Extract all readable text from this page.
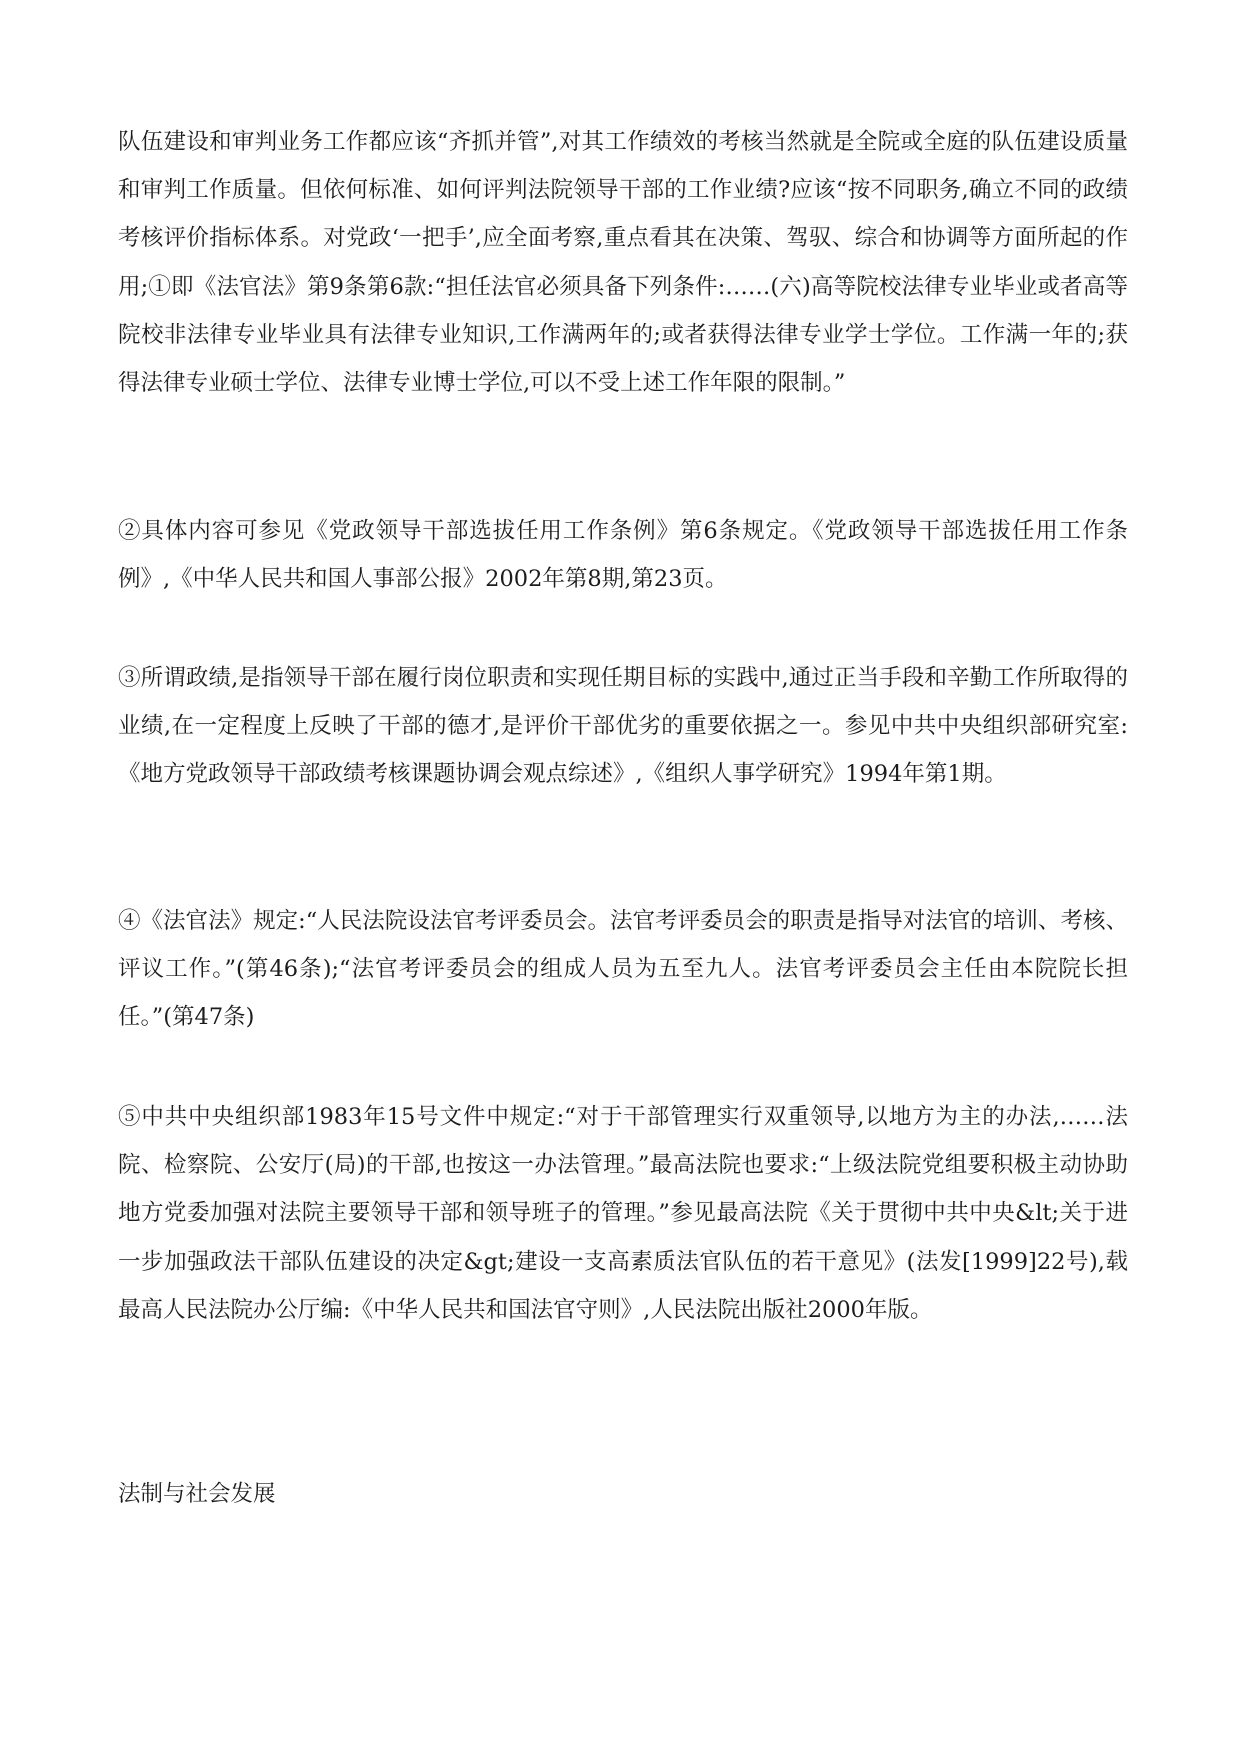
队伍建设和审判业务工作都应该“齐抓并管”,对其工作绩效的考核当然就是全院或全庭的队伍建设质量和审判工作质量。但依何标准、如何评判法院领导干部的工作业绩?应该“按不同职务,确立不同的政绩考核评价指标体系。对党政‘一把手’,应全面考察,重点看其在决策、驾驭、综合和协调等方面所起的作用;①即《法官法》第9条第6款:“担任法官必须具备下列条件:……(六)高等院校法律专业毕业或者高等院校非法律专业毕业具有法律专业知识,工作满两年的;或者获得法律专业学士学位。工作满一年的;获得法律专业硕士学位、法律专业博士学位,可以不受上述工作年限的限制。”

②具体内容可参见《党政领导干部选拔任用工作条例》第6条规定。《党政领导干部选拔任用工作条例》,《中华人民共和国人事部公报》2002年第8期,第23页。

③所谓政绩,是指领导干部在履行岗位职责和实现任期目标的实践中,通过正当手段和辛勤工作所取得的业绩,在一定程度上反映了干部的德才,是评价干部优劣的重要依据之一。参见中共中央组织部研究室:《地方党政领导干部政绩考核课题协调会观点综述》,《组织人事学研究》1994年第1期。

④《法官法》规定:“人民法院设法官考评委员会。法官考评委员会的职责是指导对法官的培训、考核、评议工作。”(第46条);“法官考评委员会的组成人员为五至九人。法官考评委员会主任由本院院长担任。”(第47条)

⑤中共中央组织部1983年15号文件中规定:“对于干部管理实行双重领导,以地方为主的办法,……法院、检察院、公安厅(局)的干部,也按这一办法管理。”最高法院也要求:“上级法院党组要积极主动协助地方党委加强对法院主要领导干部和领导班子的管理。”参见最高法院《关于贯彻中共中央&lt;关于进一步加强政法干部队伍建设的决定&gt;建设一支高素质法官队伍的若干意见》(法发[1999]22号),载最高人民法院办公厅编:《中华人民共和国法官守则》,人民法院出版社2000年版。

法制与社会发展
